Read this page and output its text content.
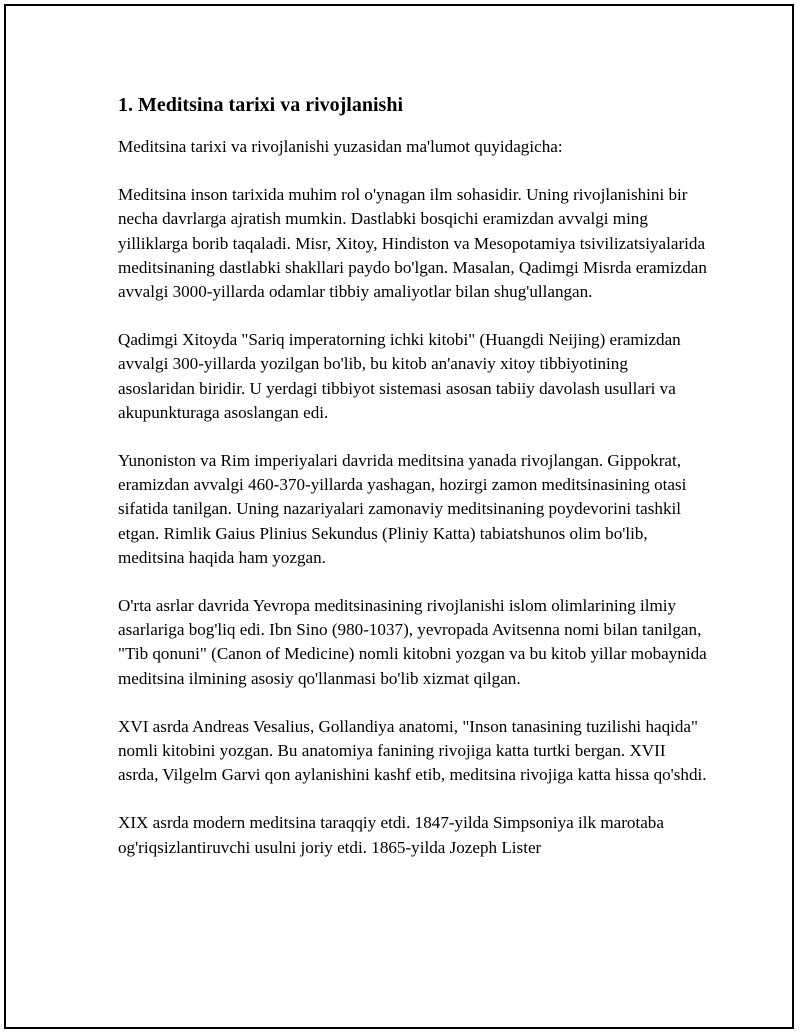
1. Meditsina tarixi va rivojlanishi

Meditsina tarixi va rivojlanishi yuzasidan ma'lumot quyidagicha:

Meditsina inson tarixida muhim rol o'ynagan ilm sohasidir. Uning rivojlanishini bir necha davrlarga ajratish mumkin. Dastlabki bosqichi eramizdan avvalgi ming yilliklarga borib taqaladi. Misr, Xitoy, Hindiston va Mesopotamiya tsivilizatsiyalarida meditsinaning dastlabki shakllari paydo bo'lgan. Masalan, Qadimgi Misrda eramizdan avvalgi 3000-yillarda odamlar tibbiy amaliyotlar bilan shug'ullangan.

Qadimgi Xitoyda "Sariq imperatorning ichki kitobi" (Huangdi Neijing) eramizdan avvalgi 300-yillarda yozilgan bo'lib, bu kitob an'anaviy xitoy tibbiyotining asoslaridan biridir. U yerdagi tibbiyot sistemasi asosan tabiiy davolash usullari va akupunkturaga asoslangan edi.

Yunoniston va Rim imperiyalari davrida meditsina yanada rivojlangan. Gippokrat, eramizdan avvalgi 460-370-yillarda yashagan, hozirgi zamon meditsinasining otasi sifatida tanilgan. Uning nazariyalari zamonaviy meditsinaning poydevorini tashkil etgan. Rimlik Gaius Plinius Sekundus (Pliniy Katta) tabiatshunos olim bo'lib, meditsina haqida ham yozgan.

O'rta asrlar davrida Yevropa meditsinasining rivojlanishi islom olimlarining ilmiy asarlariga bog'liq edi. Ibn Sino (980-1037), yevropada Avitsenna nomi bilan tanilgan, "Tib qonuni" (Canon of Medicine) nomli kitobni yozgan va bu kitob yillar mobaynida meditsina ilmining asosiy qo'llanmasi bo'lib xizmat qilgan.

XVI asrda Andreas Vesalius, Gollandiya anatomi, "Inson tanasining tuzilishi haqida" nomli kitobini yozgan. Bu anatomiya fanining rivojiga katta turtki bergan. XVII asrda, Vilgelm Garvi qon aylanishini kashf etib, meditsina rivojiga katta hissa qo'shdi.

XIX asrda modern meditsina taraqqiy etdi. 1847-yilda Simpsoniya ilk marotaba og'riqsizlantiruvchi usulni joriy etdi. 1865-yilda Jozeph Lister
